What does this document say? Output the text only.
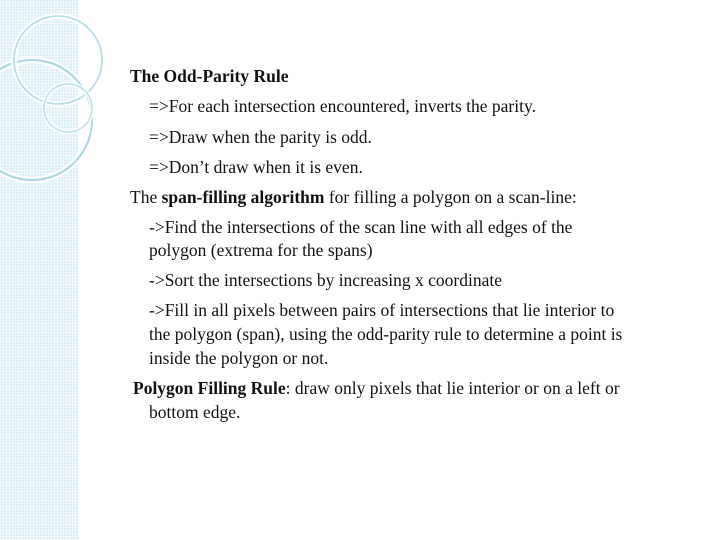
The Odd-Parity Rule
=>For each intersection encountered, inverts the parity.
=>Draw when the parity is odd.
=>Don’t draw when it is even.
The span-filling algorithm for filling a polygon on a scan-line:
->Find the intersections of the scan line with all edges of the
polygon (extrema for the spans)
->Sort the intersections by increasing x coordinate
->Fill in all pixels between pairs of intersections that lie interior to
the polygon (span), using the odd-parity rule to determine a point is
inside the polygon or not.
Polygon Filling Rule: draw only pixels that lie interior or on a left or
bottom edge.
